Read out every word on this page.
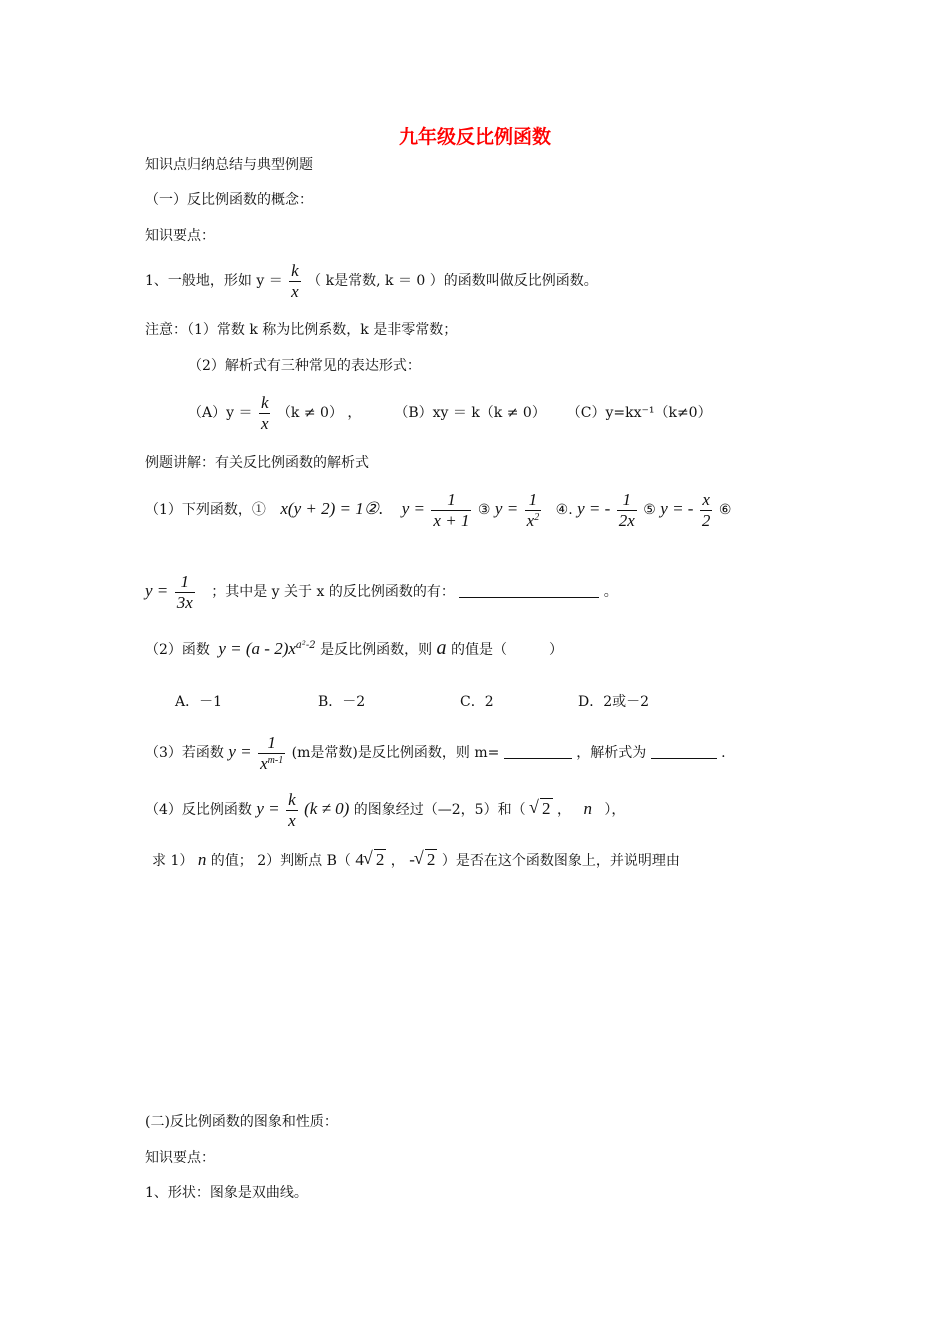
九年级反比例函数
知识点归纳总结与典型例题
（一）反比例函数的概念：
知识要点：
1、一般地，形如 $y = \frac{k}{x}$ （ k是常数, k ＝ 0 ）的函数叫做反比例函数。
注意：（1）常数 k 称为比例系数，k 是非零常数；
（2）解析式有三种常见的表达形式：
$(A)y = \frac{k}{x} (k \ne 0)$ ， （B）xy ＝ k（k ≠ 0） （C）y=kx⁻¹（k≠0）
例题讲解：有关反比例函数的解析式
（1）下列函数，① x(y + 2) = 1②. $y = \frac{1}{x + 1}$ ③ $y = \frac{1}{x^2}$ ④. y = - $\frac{1}{2x}$ ⑤ y = - $\frac{x}{2}$ ⑥
$y = \frac{1}{3x}$ ；其中是 y 关于 x 的反比例函数的有：	。
（2）函数 $y = (a - 2)x^{a^2-2}$ 是反比例函数，则 a 的值是（	）
A．－1	B．－2	C．2	D．2或－2
（3）若函数 $y = \frac{1}{x^{m-1}} (m$是常数)是反比例函数，则 m=	，解析式为	.
（4）反比例函数 $y = \frac{k}{x} (k \ne 0)$ 的图象经过（—2，5）和（ √ 2 ， n ），
求 1） n 的值； 2）判断点 B（ 4 √ 2 ， - √ 2 ）是否在这个函数图象上，并说明理由
(二)反比例函数的图象和性质：
知识要点：
1、形状：图象是双曲线。
